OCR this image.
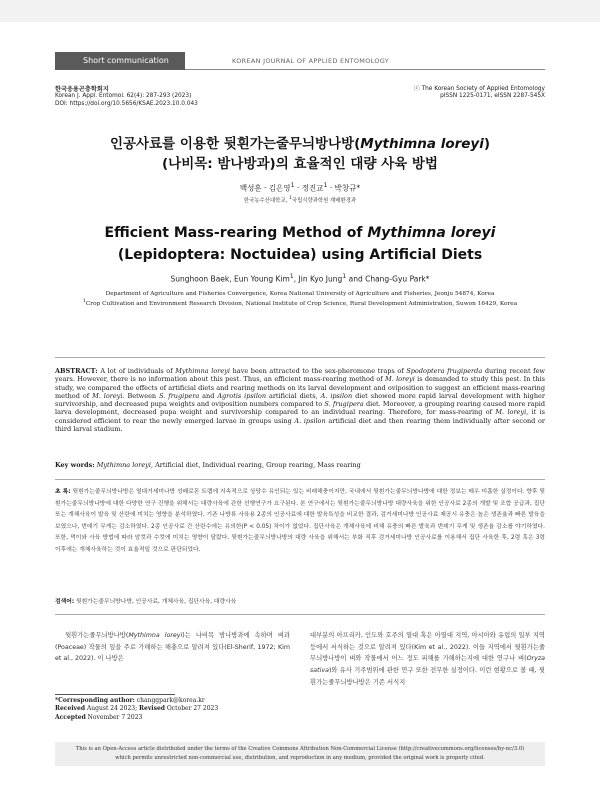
Short communication	KOREAN JOURNAL OF APPLIED ENTOMOLOGY
한국응용곤충학회지
Korean J. Appl. Entomol. 62(4): 287-293 (2023)
DOI: https://doi.org/10.5656/KSAE.2023.10.0.043
ⓒ The Korean Society of Applied Entomology
pISSN 1225-0171, eISSN 2287-545X
인공사료를 이용한 뒷흰가는줄무늬방나방(Mythimna loreyi)
(나비목: 밤나방과)의 효율적인 대량 사육 방법
백성훈 · 김은영$^1$ · 정진교$^1$ · 박창규*
한국농수산대학교, $^1$국립식량과학원 재배환경과
Efficient Mass-rearing Method of Mythimna loreyi
(Lepidoptera: Noctuidea) using Artificial Diets
Sunghoon Baek, Eun Young Kim$^1$, Jin Kyo Jung$^1$ and Chang-Gyu Park*
Department of Agriculture and Fisheries Convergence, Korea National University of Agriculture and Fisheries, Jeonju 54874, Korea
$^1$Crop Cultivation and Environment Research Division, National Institute of Crop Science, Rural Development Administration, Suwon 16429, Korea
ABSTRACT: A lot of individuals of Mythimna loreyi have been attracted to the sex-pheromone traps of Spodoptera frugiperda during recent few years. However, there is no information about this pest. Thus, an efficient mass-rearing method of M. loreyi is demanded to study this pest. In this study, we compared the effects of artificial diets and rearing methods on its larval development and oviposition to suggest an efficient mass-rearing method of M. loreyi. Between S. frugipera and Agrotis ipsilon artificial diets, A. ipsilon diet showed more rapid larval development with higher survivorship, and decreased pupa weights and oviposition numbers compared to S. frugipera diet. Moreover, a grouping rearing caused more rapid larva development, decreased pupa weight and survivorship compared to an individual rearing. Therefore, for mass-rearing of M. loreyi, it is considered efficient to rear the newly emerged larvae in groups using A. ipsilon artificial diet and then rearing them individually after second or third larval stadium.
Key words: Mythimna loreyi, Artificial diet, Individual rearing, Group rearing, Mass rearing
초 록: 뒷흰가는줄무늬방나방은 열대거세미나방 성페로몬 트랩에 지속적으로 상당수 유인되는 있는 비래해충이지만, 국내에서 뒷흰가는줄무늬방나방에 대한 정보는 매우 미흡한 실정이다. 향후 뒷흰가는줄무늬방나방에 대한 다양한 연구 진행을 위해서는 대량사육에 관한 선행연구가 요구된다. 본 연구에서는 뒷흰가는줄무늬방나방 대량사육을 위한 인공사료 2종의 개발 및 조합 공급과, 집단 또는 개체사육이 발육 및 산란에 미치는 영향을 분석하였다. 기존 나방류 사육용 2종의 인공사료에 대한 발육특성을 비교한 결과, 검거세미나방 인공사료 제공시 유충은 높은 생존율과 빠른 발육을 보였으나, 번데기 무게는 감소하였다. 2종 인공사료 간 산란수에는 유의한(P < 0.05) 차이가 없었다. 집단사육은 개체사육에 비해 유충의 빠른 발육과 번데기 무게 및 생존율 감소를 야기하였다. 또한, 먹이와 사육 방법에 따라 암컷과 수컷에 미치는 영향이 달랐다. 뒷흰가는줄무늬방나방의 대량 사육을 위해서는 부화 직후 검거세미나방 인공사료를 이용해서 집단 사육한 후, 2령 혹은 3령 이후에는 개체사육하는 것이 효율적일 것으로 판단되었다.
검색어: 뒷흰가는줄무늬방나방, 인공사료, 개체사육, 집단사육, 대량사육
뒷흰가는줄무늬방나방(Mythimna loreyi)는 나비목 밤나방과에 속하며 벼과(Poaceae) 작물의 잎을 주로 가해하는 해충으로 알려져 있다(El-Sherif, 1972; Kim et al., 2022). 이 나방은
대부분의 아프리카, 인도와 호주의 열대 혹은 아열대 지역, 아시아와 유럽의 일부 지역 등에서 서식하는 것으로 알려져 있다(Kim et al., 2022). 이들 지역에서 뒷흰가는줄무늬방나방이 벼와 작물에서 어느 정도 피해를 가해하는지에 대한 연구나 벼(Oryza sativa)와 유사 기주범위에 관한 연구 또한 전무한 실정이다. 이런 현황으로 볼 때, 뒷흰가는줄무늬방나방은 기존 서식지
*Corresponding author: changgpark@korea.kr
Received August 24 2023; Revised October 27 2023
Accepted November 7 2023
This is an Open-Access article distributed under the terms of the Creative Commons Attribution Non-Commercial License (http://creativecommons.org/licenses/by-nc/3.0)
which permits unrestricted non-commercial use, distribution, and reproduction in any medium, provided the original work is properly cited.
